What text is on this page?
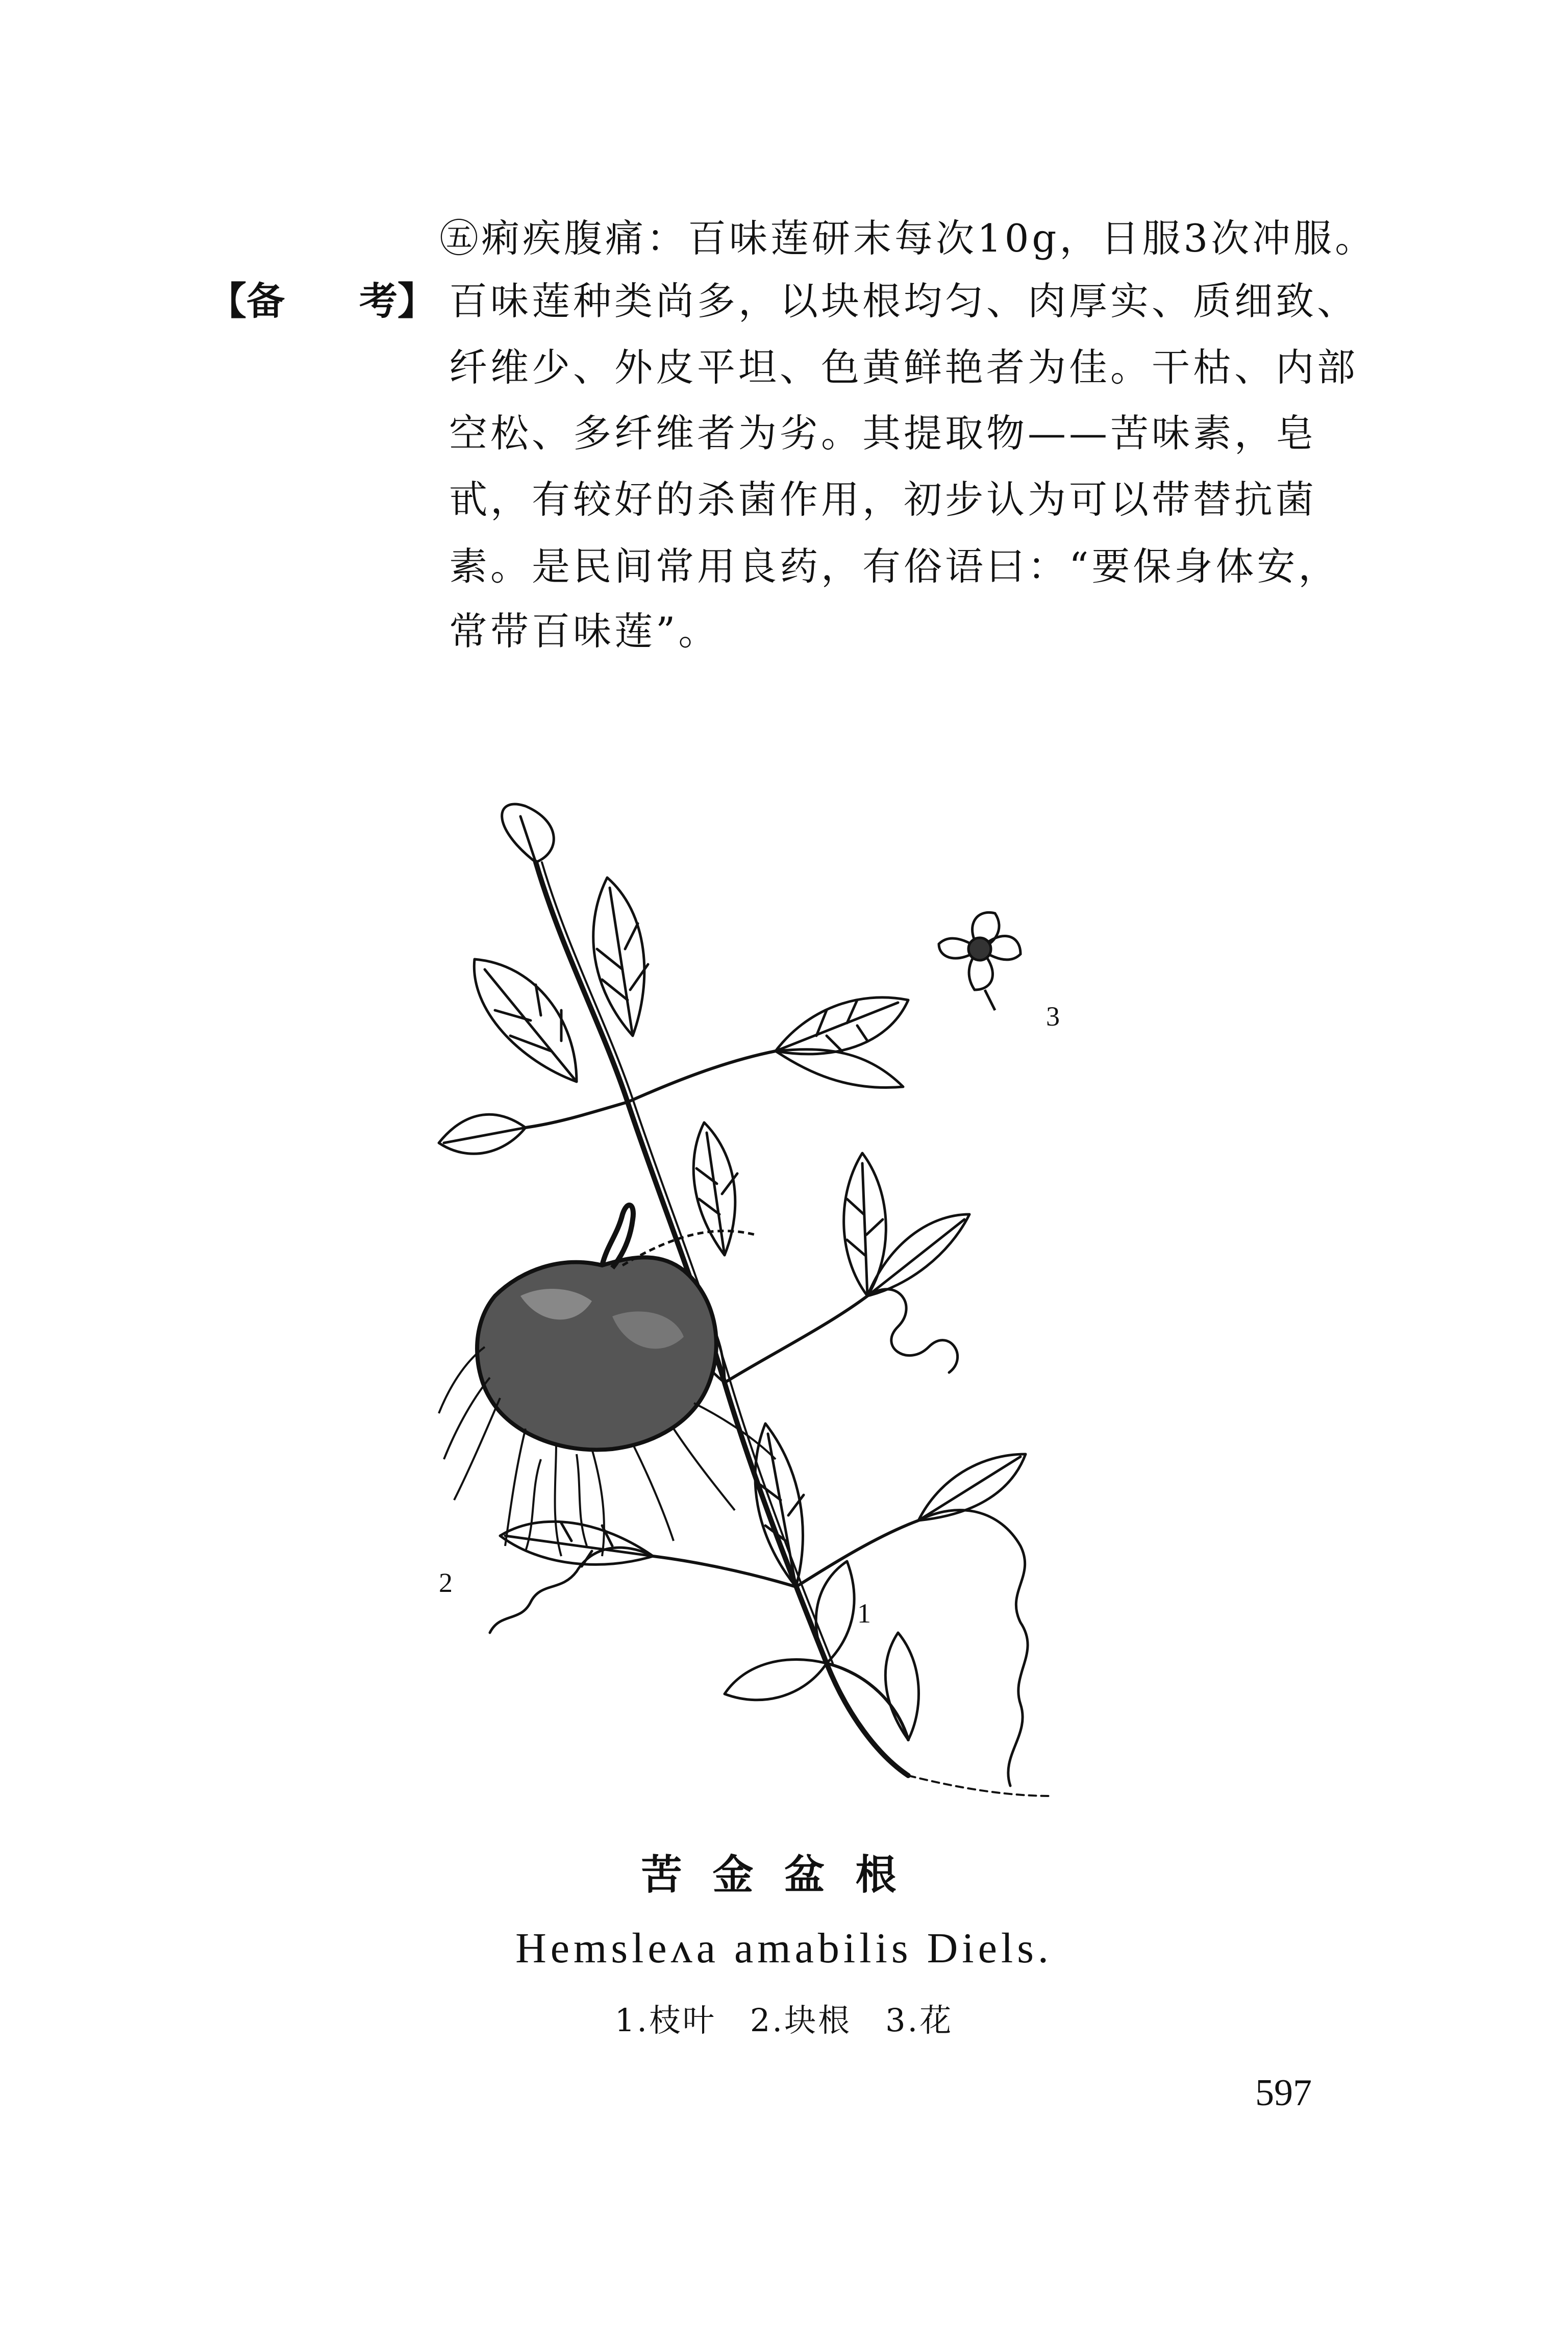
㊄痢疾腹痛：百味莲研末每次10g，日服3次冲服。
【备 考】 百味莲种类尚多，以块根均匀、肉厚实、质细致、
纤维少、外皮平坦、色黄鲜艳者为佳。干枯、内部
空松、多纤维者为劣。其提取物——苦味素，皂
甙，有较好的杀菌作用，初步认为可以带替抗菌
素。是民间常用良药，有俗语曰：“要保身体安，
常带百味莲”。
1
2
3
苦金盆根
Hemsleʌa amabilis Diels.
1.枝叶　2.块根　3.花
597
